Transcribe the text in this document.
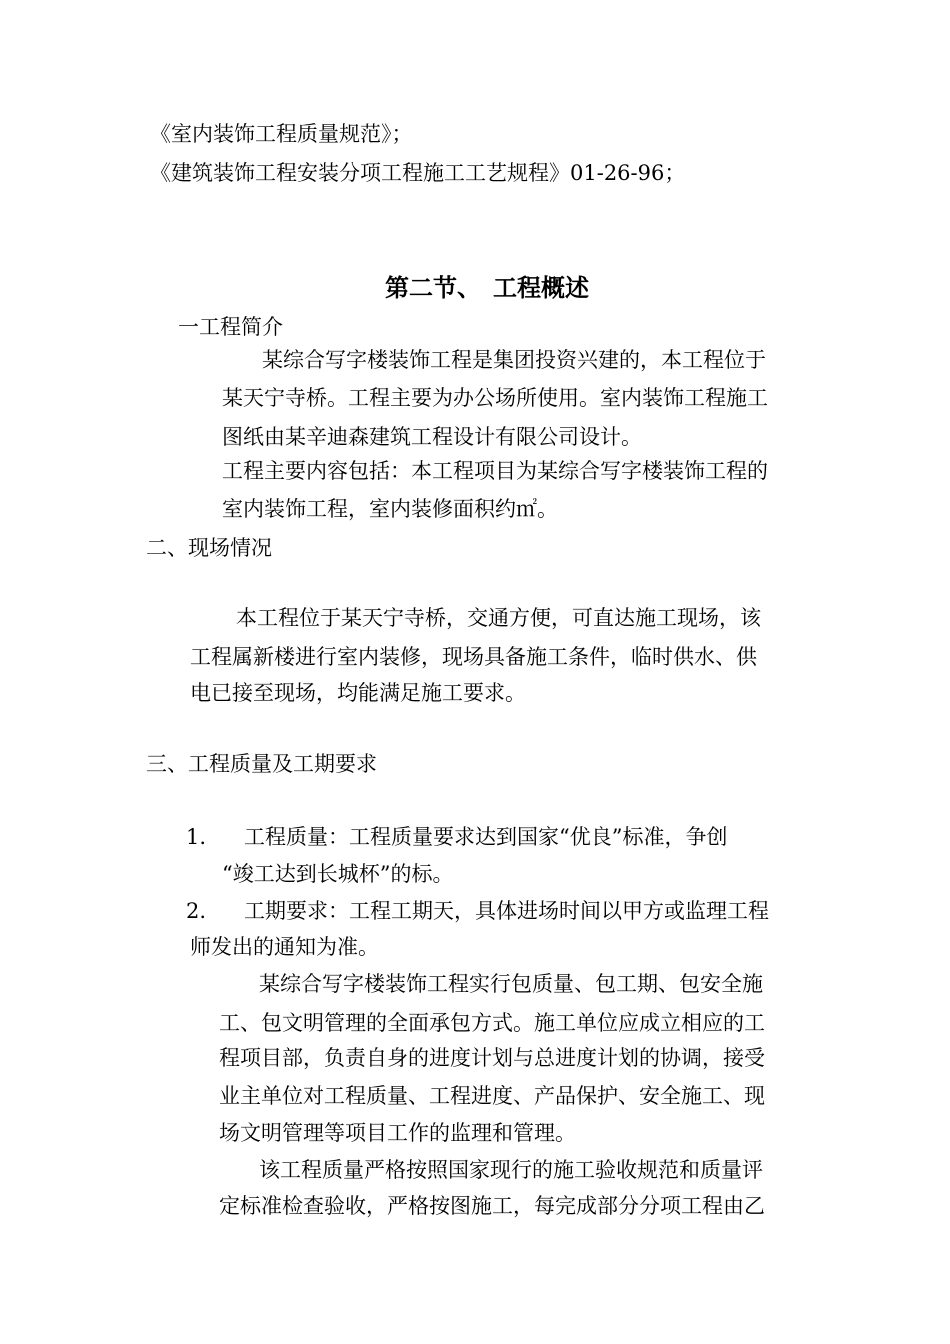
《室内装饰工程质量规范》；
《建筑装饰工程安装分项工程施工工艺规程》01-26-96；
第二节、　工程概述
一工程简介
某综合写字楼装饰工程是集团投资兴建的，本工程位于
某天宁寺桥。工程主要为办公场所使用。室内装饰工程施工
图纸由某辛迪森建筑工程设计有限公司设计。
工程主要内容包括：本工程项目为某综合写字楼装饰工程的
室内装饰工程，室内装修面积约㎡。
二、现场情况
本工程位于某天宁寺桥，交通方便，可直达施工现场，该
工程属新楼进行室内装修，现场具备施工条件，临时供水、供
电已接至现场，均能满足施工要求。
三、工程质量及工期要求
1. 工程质量：工程质量要求达到国家“优良”标准，争创
“竣工达到长城杯”的标。
2. 工期要求：工程工期天，具体进场时间以甲方或监理工程
师发出的通知为准。
某综合写字楼装饰工程实行包质量、包工期、包安全施
工、包文明管理的全面承包方式。施工单位应成立相应的工
程项目部，负责自身的进度计划与总进度计划的协调，接受
业主单位对工程质量、工程进度、产品保护、安全施工、现
场文明管理等项目工作的监理和管理。
该工程质量严格按照国家现行的施工验收规范和质量评
定标准检查验收，严格按图施工，每完成部分分项工程由乙
